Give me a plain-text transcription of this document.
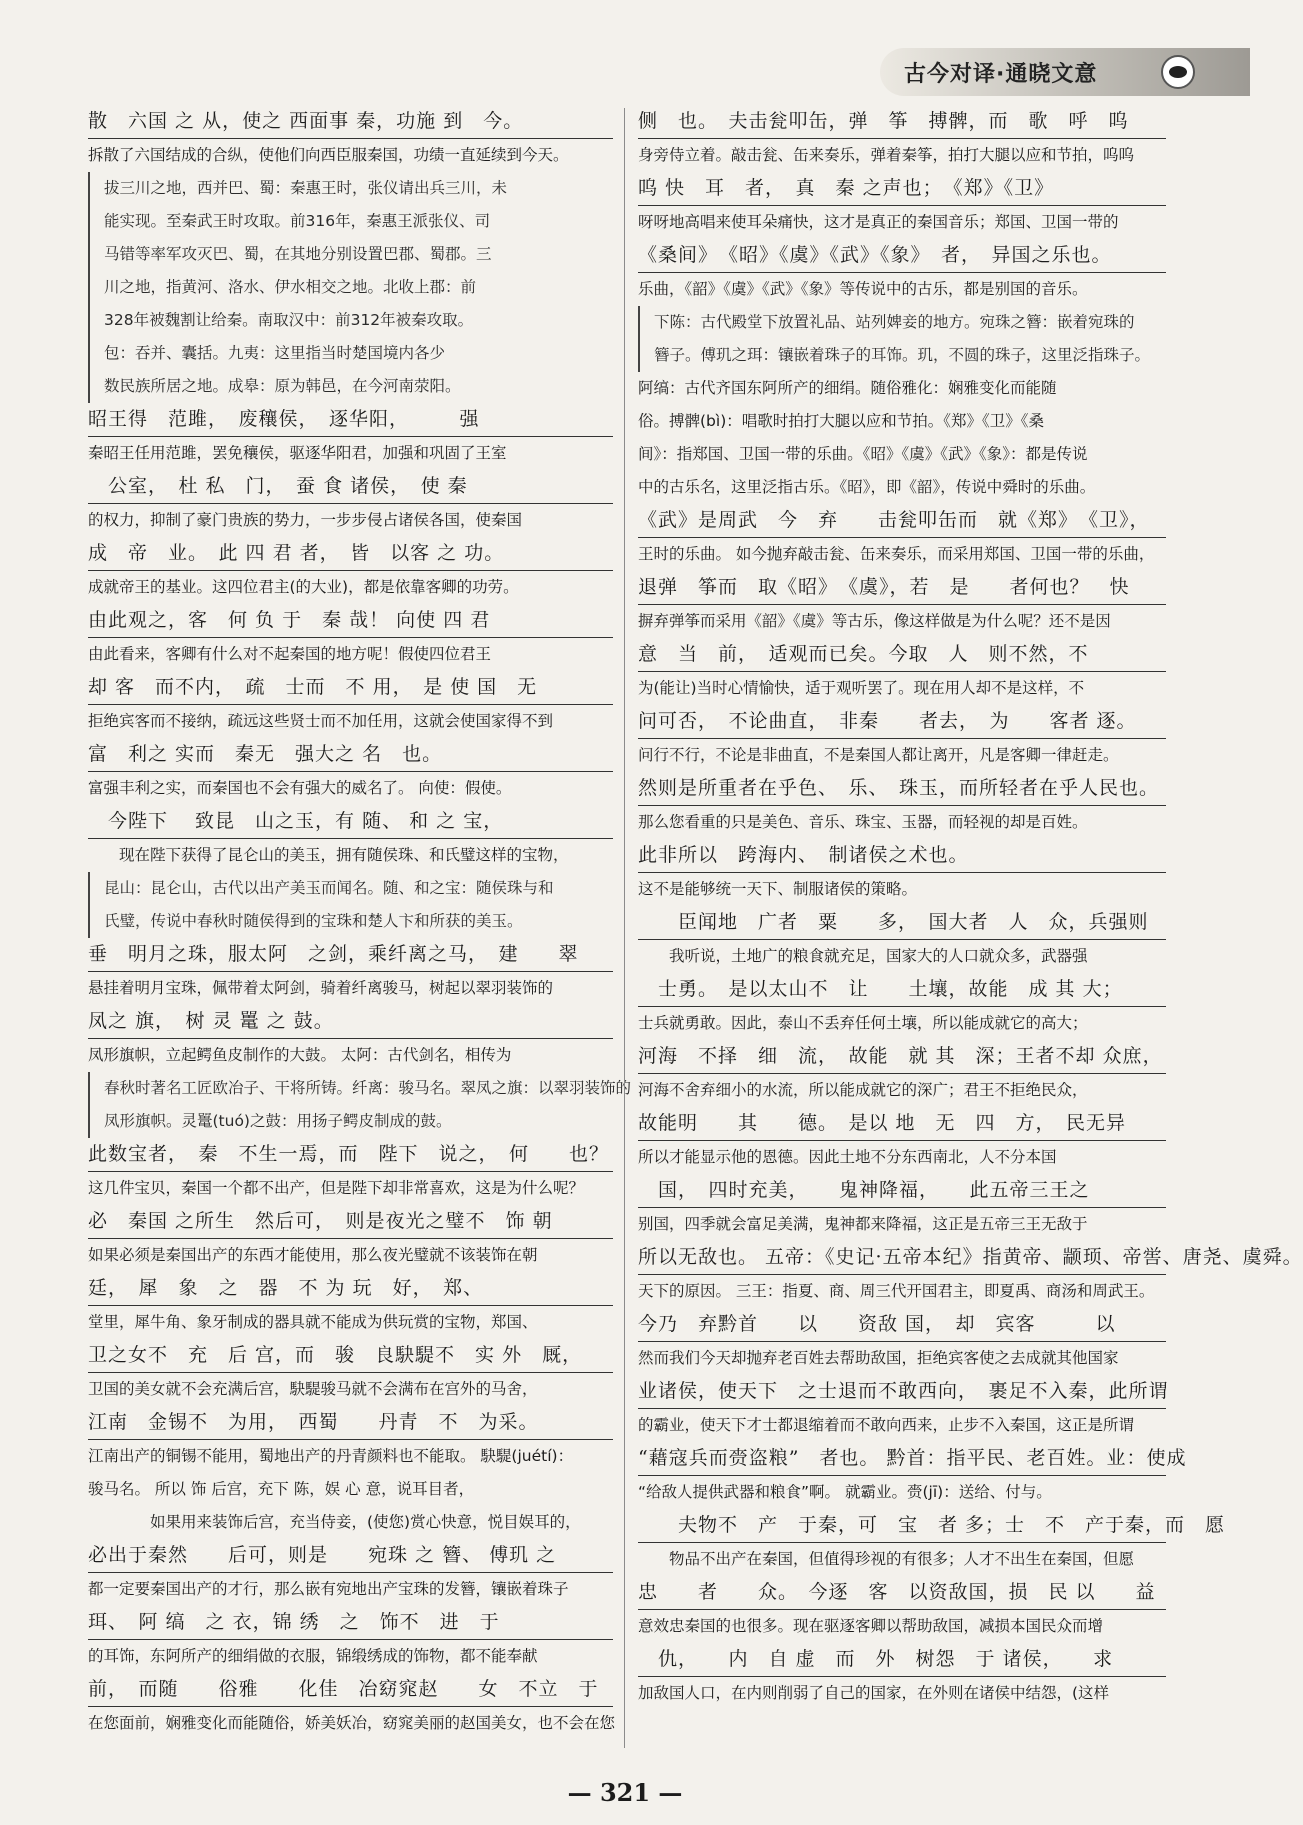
古今对译·通晓文意

散　六国 之 从，使之 西面事 秦，功施 到　今。

拆散了六国结成的合纵，使他们向西臣服秦国，功绩一直延续到今天。

拔三川之地，西并巴、蜀：秦惠王时，张仪请出兵三川，未

能实现。至秦武王时攻取。前316年，秦惠王派张仪、司

马错等率军攻灭巴、蜀，在其地分别设置巴郡、蜀郡。三

川之地，指黄河、洛水、伊水相交之地。北收上郡：前

328年被魏割让给秦。南取汉中：前312年被秦攻取。

包：吞并、囊括。九夷：这里指当时楚国境内各少

数民族所居之地。成皋：原为韩邑，在今河南荥阳。

昭王得　范雎，　废穰侯，　逐华阳，　　　强

秦昭王任用范雎，罢免穰侯，驱逐华阳君，加强和巩固了王室

　公室，　杜 私　门，　蚕 食 诸侯，　使 秦

的权力，抑制了豪门贵族的势力，一步步侵占诸侯各国，使秦国

成　帝　业。　此 四 君 者，　皆　以客 之 功。

成就帝王的基业。这四位君主(的大业)，都是依靠客卿的功劳。

由此观之，客　何 负 于　秦 哉！ 向使 四 君

由此看来，客卿有什么对不起秦国的地方呢！假使四位君王

却 客　而不内，　疏　士而　不 用，　是 使 国　无

拒绝宾客而不接纳，疏远这些贤士而不加任用，这就会使国家得不到

富　利之 实而　秦无　强大之 名　也。

富强丰利之实，而秦国也不会有强大的威名了。 向使：假使。

　今陛下　 致昆　山之玉，有 随、 和 之 宝，

　　现在陛下获得了昆仑山的美玉，拥有随侯珠、和氏璧这样的宝物，

昆山：昆仑山，古代以出产美玉而闻名。随、和之宝：随侯珠与和

氏璧，传说中春秋时随侯得到的宝珠和楚人卞和所获的美玉。

垂　明月之珠，服太阿　之剑，乘纤离之马，　建　　翠

悬挂着明月宝珠，佩带着太阿剑，骑着纤离骏马，树起以翠羽装饰的

凤之 旗，　树 灵 鼍 之 鼓。

凤形旗帜，立起鳄鱼皮制作的大鼓。 太阿：古代剑名，相传为

春秋时著名工匠欧冶子、干将所铸。纤离：骏马名。翠凤之旗：以翠羽装饰的

凤形旗帜。灵鼍(tuó)之鼓：用扬子鳄皮制成的鼓。

此数宝者，　秦　不生一焉，而　陛下　说之，　何　　也？

这几件宝贝，秦国一个都不出产，但是陛下却非常喜欢，这是为什么呢？

必　秦国 之所生　然后可，　则是夜光之璧不　饰 朝

如果必须是秦国出产的东西才能使用，那么夜光璧就不该装饰在朝

廷，　犀　象　之　器　不 为 玩　好，　郑、

堂里，犀牛角、象牙制成的器具就不能成为供玩赏的宝物，郑国、

卫之女不　充　后 宫，而　骏　良駃騠不　实 外　厩，

卫国的美女就不会充满后宫，駃騠骏马就不会满布在宫外的马舍，

江南　金锡不　为用，　西蜀　　丹青　不　为采。

江南出产的铜锡不能用，蜀地出产的丹青颜料也不能取。 駃騠(juétí)：

骏马名。 所以 饰 后宫，充下 陈，娱 心 意，说耳目者，

　　　　如果用来装饰后宫，充当侍妾，(使您)赏心快意，悦目娱耳的，

必出于秦然　　后可，则是　　宛珠 之 簪、 傅玑 之

都一定要秦国出产的才行，那么嵌有宛地出产宝珠的发簪，镶嵌着珠子

珥、　阿 缟　之 衣，锦 绣　之　饰不　进　于

的耳饰，东阿所产的细绢做的衣服，锦缎绣成的饰物，都不能奉献

前，　而随　　俗雅　　化佳　冶窈窕赵　　女　不立　于

在您面前，娴雅变化而能随俗，娇美妖冶，窈窕美丽的赵国美女，也不会在您

侧　也。　夫击瓮叩缶，弹　筝　搏髀，而　歌　呼　呜

身旁侍立着。敲击瓮、缶来奏乐，弹着秦筝，拍打大腿以应和节拍，呜呜

呜 快　耳　者，　真　秦 之声也；　《郑》《卫》

呀呀地高唱来使耳朵痛快，这才是真正的秦国音乐；郑国、卫国一带的

《桑间》　《昭》《虞》《武》《象》　者，　异国之乐也。

乐曲，《韶》《虞》《武》《象》等传说中的古乐，都是别国的音乐。

下陈：古代殿堂下放置礼品、站列婢妾的地方。宛珠之簪：嵌着宛珠的

簪子。傅玑之珥：镶嵌着珠子的耳饰。玑，不圆的珠子，这里泛指珠子。

阿缟：古代齐国东阿所产的细绢。随俗雅化：娴雅变化而能随

俗。搏髀(bì)：唱歌时拍打大腿以应和节拍。《郑》《卫》《桑

间》：指郑国、卫国一带的乐曲。《昭》《虞》《武》《象》：都是传说

中的古乐名，这里泛指古乐。《昭》，即《韶》，传说中舜时的乐曲。

《武》是周武　今　弃　　击瓮叩缶而　就《郑》　《卫》，

王时的乐曲。 如今抛弃敲击瓮、缶来奏乐，而采用郑国、卫国一带的乐曲，

退弹　筝而　取《昭》　《虞》，若　是　　者何也？　快

摒弃弹筝而采用《韶》《虞》等古乐，像这样做是为什么呢？还不是因

意　当　前，　适观而已矣。今取　人　则不然，不

为(能让)当时心情愉快，适于观听罢了。现在用人却不是这样，不

问可否，　不论曲直，　非秦　　者去，　为　　客者 逐。

问行不行，不论是非曲直，不是秦国人都让离开，凡是客卿一律赶走。

然则是所重者在乎色、　乐、　珠玉，而所轻者在乎人民也。

那么您看重的只是美色、音乐、珠宝、玉器，而轻视的却是百姓。

此非所以　跨海内、　制诸侯之术也。

这不是能够统一天下、制服诸侯的策略。

　　臣闻地　广者　粟　　多，　国大者　人　众，兵强则

　　我听说，土地广的粮食就充足，国家大的人口就众多，武器强

　士勇。　是以太山不　让　　土壤，故能　成 其 大；

士兵就勇敢。因此，泰山不丢弃任何土壤，所以能成就它的高大；

河海　不择　细　流，　故能　就 其　深；王者不却 众庶，

河海不舍弃细小的水流，所以能成就它的深广；君王不拒绝民众，

故能明　　其　　德。　是以 地　无　四　方，　民无异

所以才能显示他的恩德。因此土地不分东西南北，人不分本国

　国，　四时充美，　　鬼神降福，　　此五帝三王之

别国，四季就会富足美满，鬼神都来降福，这正是五帝三王无敌于

所以无敌也。 五帝：《史记·五帝本纪》指黄帝、颛顼、帝喾、唐尧、虞舜。

天下的原因。 三王：指夏、商、周三代开国君主，即夏禹、商汤和周武王。

今乃　弃黔首　　以　　资敌 国，　却　宾客　　　以

然而我们今天却抛弃老百姓去帮助敌国，拒绝宾客使之去成就其他国家

业诸侯，使天下　之士退而不敢西向，　裹足不入秦，此所谓

的霸业，使天下才士都退缩着而不敢向西来，止步不入秦国，这正是所谓

“藉寇兵而赍盗粮”　者也。 黔首：指平民、老百姓。业：使成

“给敌人提供武器和粮食”啊。 就霸业。赍(jī)：送给、付与。

　　夫物不　产　于秦，可　宝　者 多；士　不　产于秦，而　愿

　　物品不出产在秦国，但值得珍视的有很多；人才不出生在秦国，但愿

忠　　者　　众。　今逐　客　以资敌国，损　民 以　　益

意效忠秦国的也很多。现在驱逐客卿以帮助敌国，减损本国民众而增

　仇，　　内　自 虚　而　外　树怨　于 诸侯，　　求

加敌国人口，在内则削弱了自己的国家，在外则在诸侯中结怨，(这样

— 321 —
